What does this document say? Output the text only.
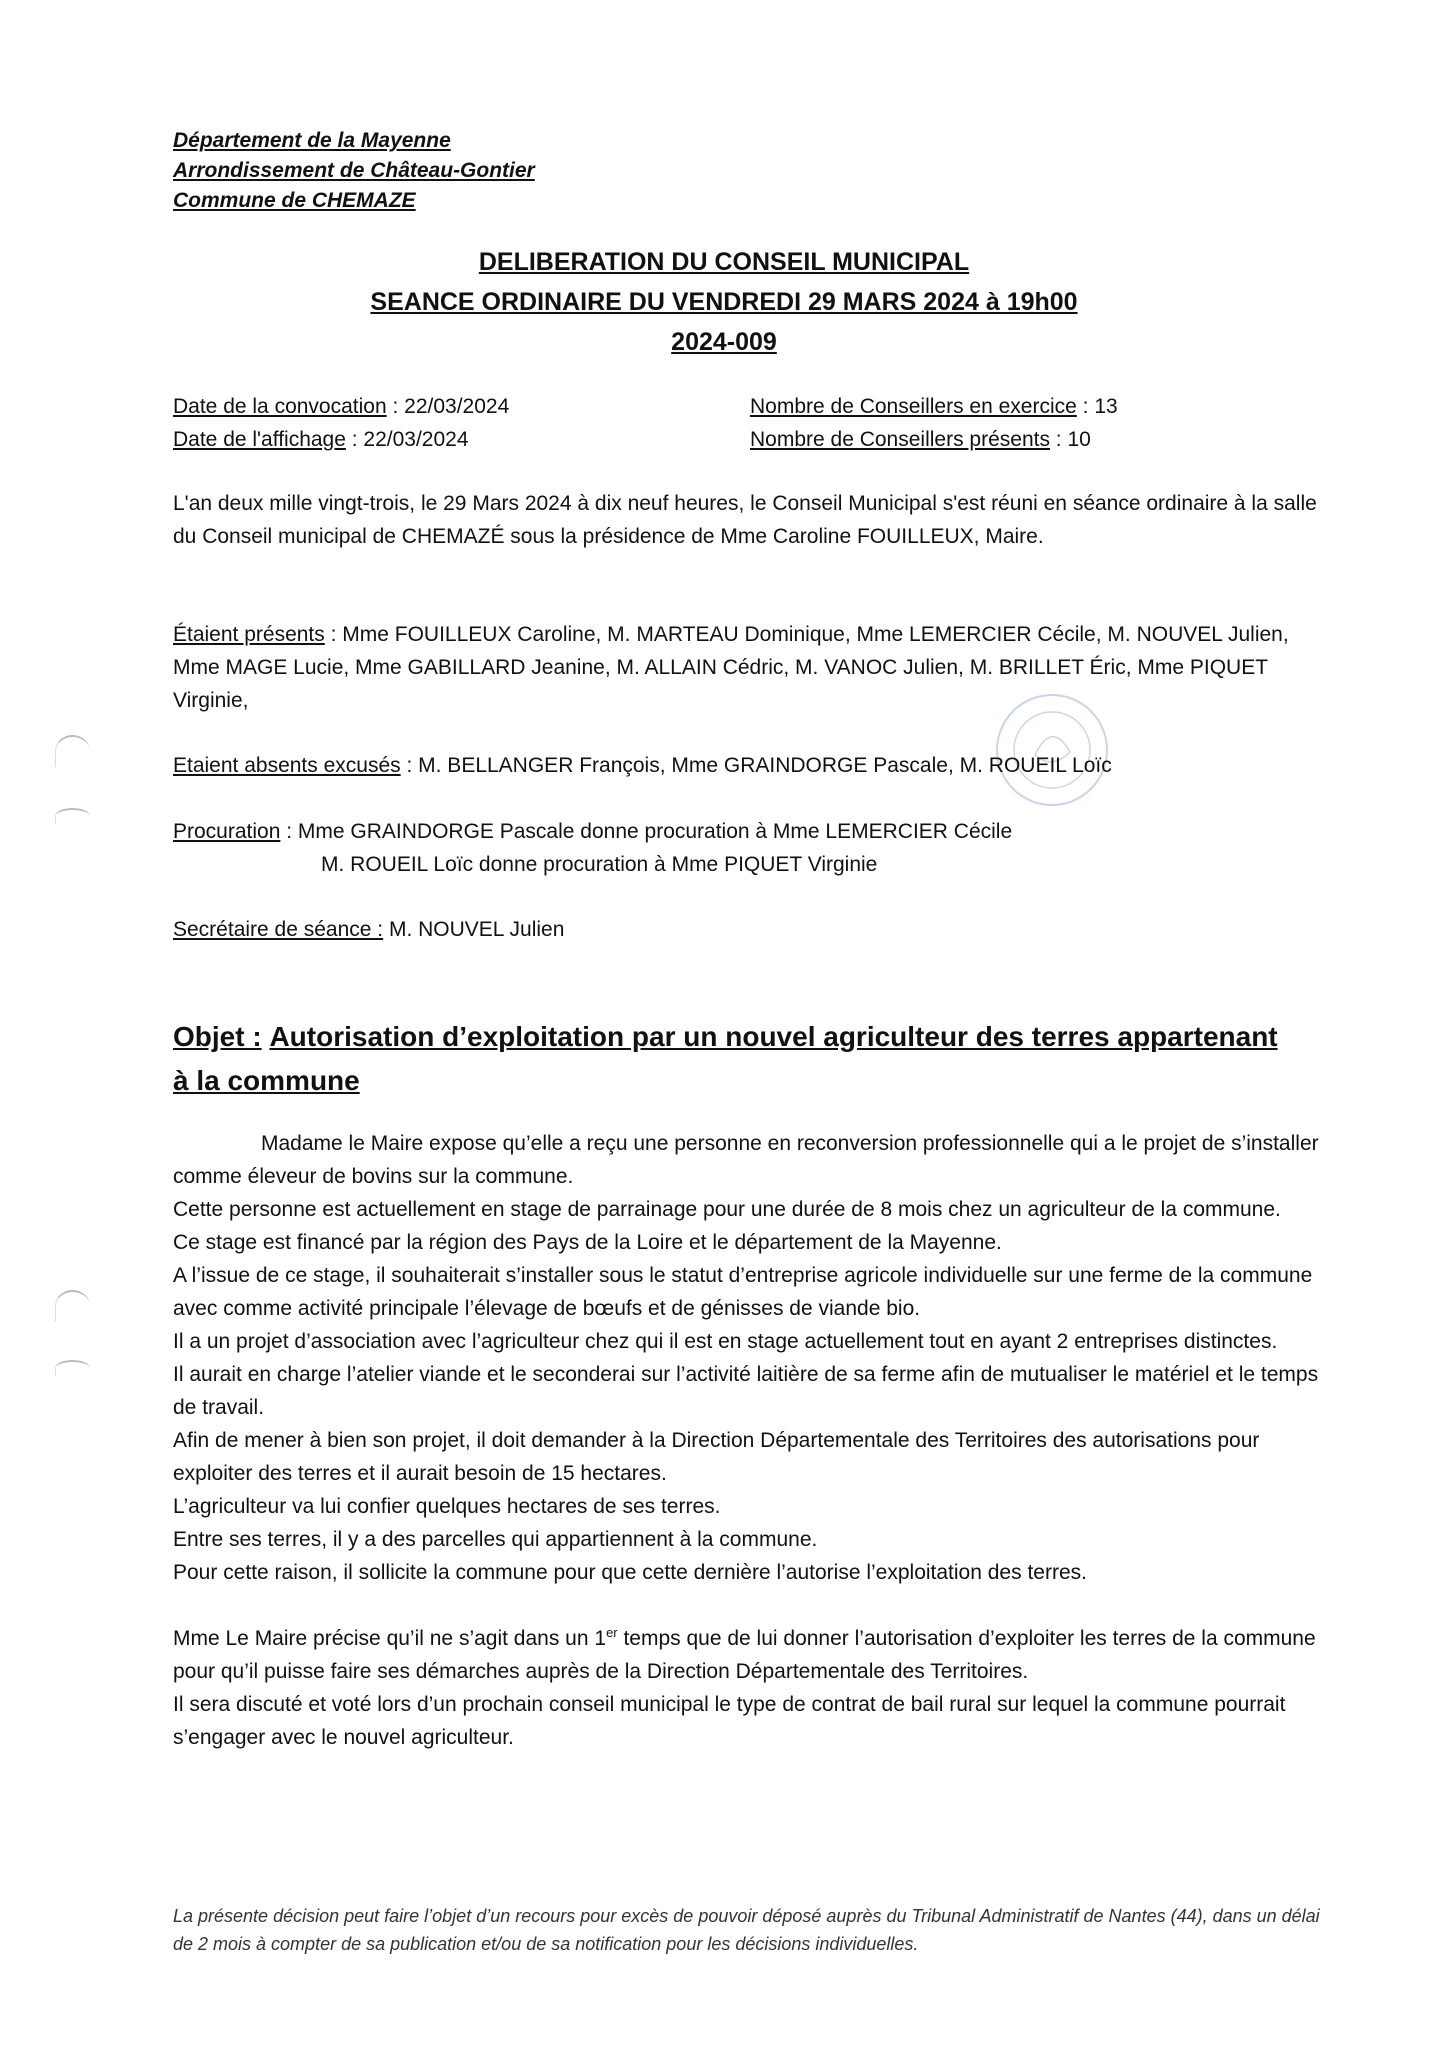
Département de la Mayenne
Arrondissement de Château-Gontier
Commune de CHEMAZE
DELIBERATION DU CONSEIL MUNICIPAL
SEANCE ORDINAIRE DU VENDREDI 29 MARS 2024 à 19h00
2024-009
Date de la convocation : 22/03/2024
Date de l'affichage : 22/03/2024
Nombre de Conseillers en exercice : 13
Nombre de Conseillers présents : 10
L'an deux mille vingt-trois, le 29 Mars 2024 à dix neuf heures, le Conseil Municipal s'est réuni en séance ordinaire à la salle du Conseil municipal de CHEMAZÉ sous la présidence de Mme Caroline FOUILLEUX, Maire.
Étaient présents : Mme FOUILLEUX Caroline, M. MARTEAU Dominique, Mme LEMERCIER Cécile, M. NOUVEL Julien, Mme MAGE Lucie, Mme GABILLARD Jeanine, M. ALLAIN Cédric, M. VANOC Julien, M. BRILLET Éric, Mme PIQUET Virginie,
Etaient absents excusés : M. BELLANGER François, Mme GRAINDORGE Pascale, M. ROUEIL Loïc
Procuration : Mme GRAINDORGE Pascale donne procuration à Mme LEMERCIER Cécile
M. ROUEIL Loïc donne procuration à Mme PIQUET Virginie
Secrétaire de séance : M. NOUVEL Julien
Objet : Autorisation d’exploitation par un nouvel agriculteur des terres appartenant à la commune

Madame le Maire expose qu’elle a reçu une personne en reconversion professionnelle qui a le projet de s’installer comme éleveur de bovins sur la commune.

Cette personne est actuellement en stage de parrainage pour une durée de 8 mois chez un agriculteur de la commune.

Ce stage est financé par la région des Pays de la Loire et le département de la Mayenne.

A l’issue de ce stage, il souhaiterait s’installer sous le statut d’entreprise agricole individuelle sur une ferme de la commune avec comme activité principale l’élevage de bœufs et de génisses de viande bio.

Il a un projet d’association avec l’agriculteur chez qui il est en stage actuellement tout en ayant 2 entreprises distinctes.

Il aurait en charge l’atelier viande et le seconderai sur l’activité laitière de sa ferme afin de mutualiser le matériel et le temps de travail.

Afin de mener à bien son projet, il doit demander à la Direction Départementale des Territoires des autorisations pour exploiter des terres et il aurait besoin de 15 hectares.

L’agriculteur va lui confier quelques hectares de ses terres.

Entre ses terres, il y a des parcelles qui appartiennent à la commune.

Pour cette raison, il sollicite la commune pour que cette dernière l’autorise l’exploitation des terres.

Mme Le Maire précise qu’il ne s’agit dans un 1er temps que de lui donner l’autorisation d’exploiter les terres de la commune pour qu’il puisse faire ses démarches auprès de la Direction Départementale des Territoires.

Il sera discuté et voté lors d’un prochain conseil municipal le type de contrat de bail rural sur lequel la commune pourrait s’engager avec le nouvel agriculteur.

La présente décision peut faire l’objet d’un recours pour excès de pouvoir déposé auprès du Tribunal Administratif de Nantes (44), dans un délai de 2 mois à compter de sa publication et/ou de sa notification pour les décisions individuelles.
